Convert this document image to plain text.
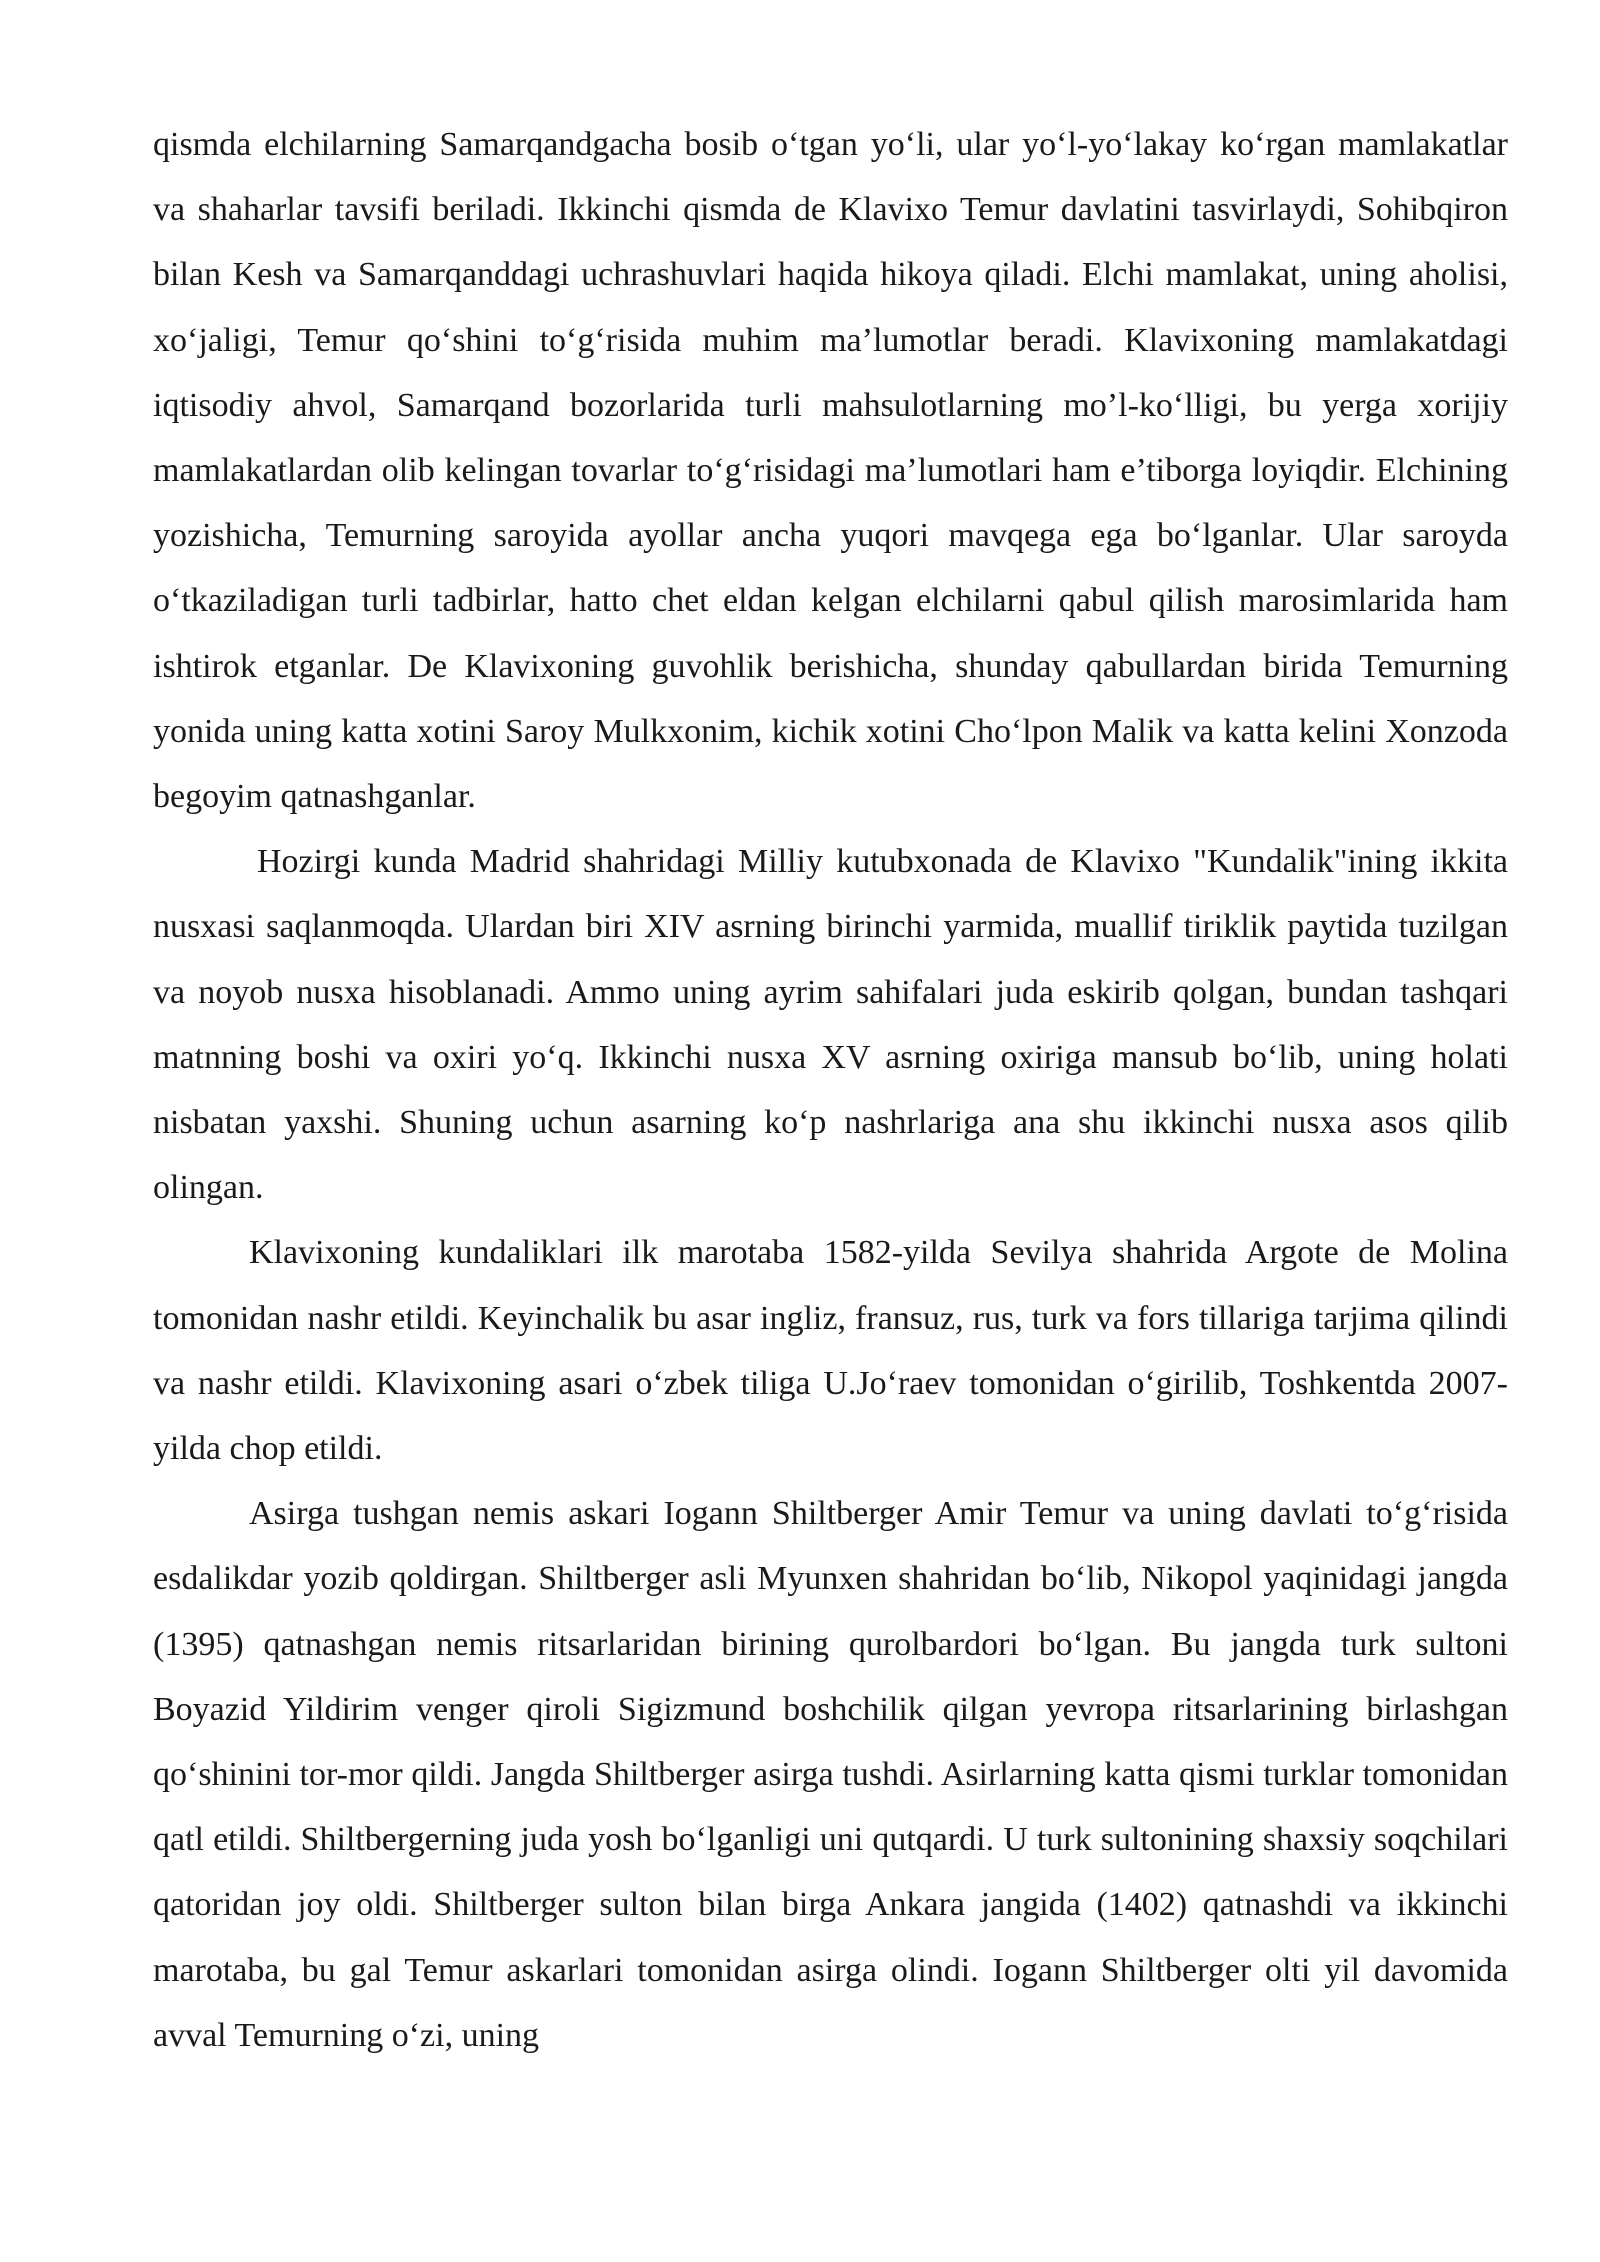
qismda elchilarning Samarqandgacha bosib o‘tgan yo‘li, ular yo‘l-yo‘lakay ko‘rgan mamlakatlar va shaharlar tavsifi beriladi. Ikkinchi qismda de Klavixo Temur davlatini tasvirlaydi, Sohibqiron bilan Kesh va Samarqanddagi uchrashuvlari haqida hikoya qiladi. Elchi mamlakat, uning aholisi, xo‘jaligi, Temur qo‘shini to‘g‘risida muhim ma’lumotlar beradi. Klavixoning mamlakatdagi iqtisodiy ahvol, Samarqand bozorlarida turli mahsulotlarning mo’l-ko‘lligi, bu yerga xorijiy mamlakatlardan olib kelingan tovarlar to‘g‘risidagi ma’lumotlari ham e’tiborga loyiqdir. Elchining yozishicha, Temurning saroyida ayollar ancha yuqori mavqega ega bo‘lganlar. Ular saroyda o‘tkaziladigan turli tadbirlar, hatto chet eldan kelgan elchilarni qabul qilish marosimlarida ham ishtirok etganlar. De Klavixoning guvohlik berishicha, shunday qabullardan birida Temurning yonida uning katta xotini Saroy Mulkxonim, kichik xotini Cho‘lpon Malik va katta kelini Xonzoda begoyim qatnashganlar.

Hozirgi kunda Madrid shahridagi Milliy kutubxonada de Klavixo "Kundalik"ining ikkita nusxasi saqlanmoqda. Ulardan biri XIV asrning birinchi yarmida, muallif tiriklik paytida tuzilgan va noyob nusxa hisoblanadi. Ammo uning ayrim sahifalari juda eskirib qolgan, bundan tashqari matnning boshi va oxiri yo‘q. Ikkinchi nusxa XV asrning oxiriga mansub bo‘lib, uning holati nisbatan yaxshi. Shuning uchun asarning ko‘p nashrlariga ana shu ikkinchi nusxa asos qilib olingan.

Klavixoning kundaliklari ilk marotaba 1582-yilda Sevilya shahrida Argote de Molina tomonidan nashr etildi. Keyinchalik bu asar ingliz, fransuz, rus, turk va fors tillariga tarjima qilindi va nashr etildi. Klavixoning asari o‘zbek tiliga U.Jo‘raev tomonidan o‘girilib, Toshkentda 2007-yilda chop etildi.

Asirga tushgan nemis askari Iogann Shiltberger Amir Temur va uning davlati to‘g‘risida esdalikdar yozib qoldirgan. Shiltberger asli Myunxen shahridan bo‘lib, Nikopol yaqinidagi jangda (1395) qatnashgan nemis ritsarlaridan birining qurolbardori bo‘lgan. Bu jangda turk sultoni Boyazid Yildirim venger qiroli Sigizmund boshchilik qilgan yevropa ritsarlarining birlashgan qo‘shinini tor-mor qildi. Jangda Shiltberger asirga tushdi. Asirlarning katta qismi turklar tomonidan qatl etildi. Shiltbergerning juda yosh bo‘lganligi uni qutqardi. U turk sultonining shaxsiy soqchilari qatoridan joy oldi. Shiltberger sulton bilan birga Ankara jangida (1402) qatnashdi va ikkinchi marotaba, bu gal Temur askarlari tomonidan asirga olindi. Iogann Shiltberger olti yil davomida avval Temurning o‘zi, uning
